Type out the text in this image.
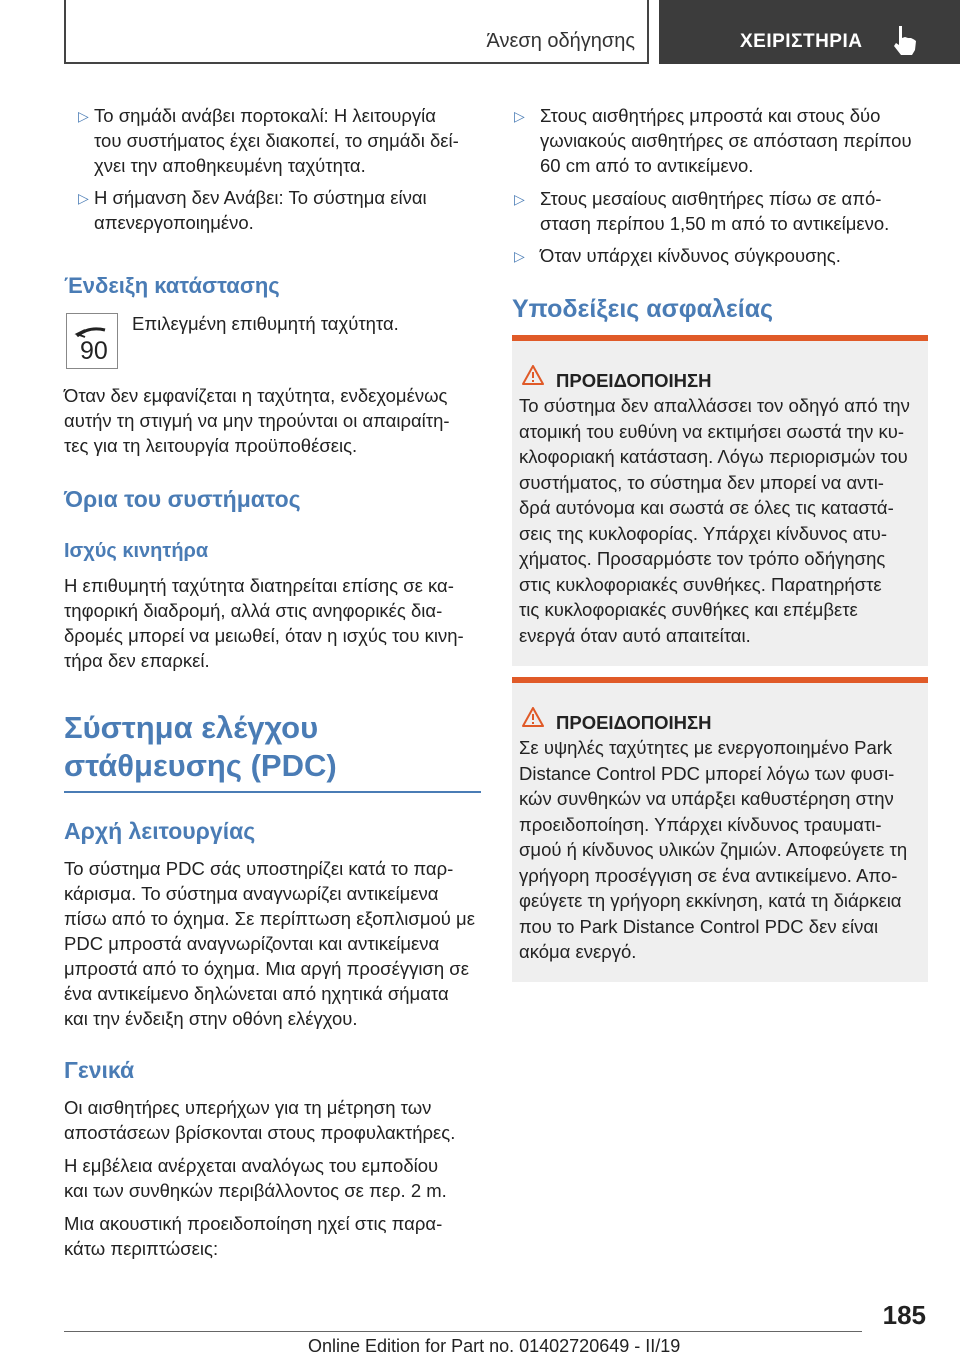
Άνεση οδήγησης	ΧΕΙΡΙΣΤΗΡΙΑ
▷ Το σημάδι ανάβει πορτοκαλί: Η λειτουργία
του συστήματος έχει διακοπεί, το σημάδι δεί‐
χνει την αποθηκευμένη ταχύτητα.
▷ Η σήμανση δεν Ανάβει: Το σύστημα είναι
απενεργοποιημένο.
Ένδειξη κατάστασης
90
Επιλεγμένη επιθυμητή ταχύτητα.
Όταν δεν εμφανίζεται η ταχύτητα, ενδεχομένως
αυτήν τη στιγμή να μην τηρούνται οι απαιραίτη‐
τες για τη λειτουργία προϋποθέσεις.
Όρια του συστήματος
Ισχύς κινητήρα
Η επιθυμητή ταχύτητα διατηρείται επίσης σε κα‐
τηφορική διαδρομή, αλλά στις ανηφορικές δια‐
δρομές μπορεί να μειωθεί, όταν η ισχύς του κινη‐
τήρα δεν επαρκεί.
Σύστημα ελέγχου
στάθμευσης (PDC)
Αρχή λειτουργίας
Το σύστημα PDC σάς υποστηρίζει κατά το παρ‐
κάρισμα. Το σύστημα αναγνωρίζει αντικείμενα
πίσω από το όχημα. Σε περίπτωση εξοπλισμού με
PDC μπροστά αναγνωρίζονται και αντικείμενα
μπροστά από το όχημα. Μια αργή προσέγγιση σε
ένα αντικείμενο δηλώνεται από ηχητικά σήματα
και την ένδειξη στην οθόνη ελέγχου.
Γενικά
Οι αισθητήρες υπερήχων για τη μέτρηση των
αποστάσεων βρίσκονται στους προφυλακτήρες.
Η εμβέλεια ανέρχεται αναλόγως του εμποδίου
και των συνθηκών περιβάλλοντος σε περ. 2 m.
Μια ακουστική προειδοποίηση ηχεί στις παρα‐
κάτω περιπτώσεις:
▷ Στους αισθητήρες μπροστά και στους δύο
γωνιακούς αισθητήρες σε απόσταση περίπου
60 cm από το αντικείμενο.
▷ Στους μεσαίους αισθητήρες πίσω σε από‐
σταση περίπου 1,50 m από το αντικείμενο.
▷ Όταν υπάρχει κίνδυνος σύγκρουσης.
Υποδείξεις ασφαλείας
ΠΡΟΕΙΔΟΠΟΙΗΣΗ
Το σύστημα δεν απαλλάσσει τον οδηγό από την
ατομική του ευθύνη να εκτιμήσει σωστά την κυ‐
κλοφοριακή κατάσταση. Λόγω περιορισμών του
συστήματος, το σύστημα δεν μπορεί να αντι‐
δρά αυτόνομα και σωστά σε όλες τις καταστά‐
σεις της κυκλοφορίας. Υπάρχει κίνδυνος ατυ‐
χήματος. Προσαρμόστε τον τρόπο οδήγησης
στις κυκλοφοριακές συνθήκες. Παρατηρήστε
τις κυκλοφοριακές συνθήκες και επέμβετε
ενεργά όταν αυτό απαιτείται.
ΠΡΟΕΙΔΟΠΟΙΗΣΗ
Σε υψηλές ταχύτητες με ενεργοποιημένο Park
Distance Control PDC μπορεί λόγω των φυσι‐
κών συνθηκών να υπάρξει καθυστέρηση στην
προειδοποίηση. Υπάρχει κίνδυνος τραυματι‐
σμού ή κίνδυνος υλικών ζημιών. Αποφεύγετε τη
γρήγορη προσέγγιση σε ένα αντικείμενο. Απο‐
φεύγετε τη γρήγορη εκκίνηση, κατά τη διάρκεια
που το Park Distance Control PDC δεν είναι
ακόμα ενεργό.
185
Online Edition for Part no. 01402720649 - II/19
